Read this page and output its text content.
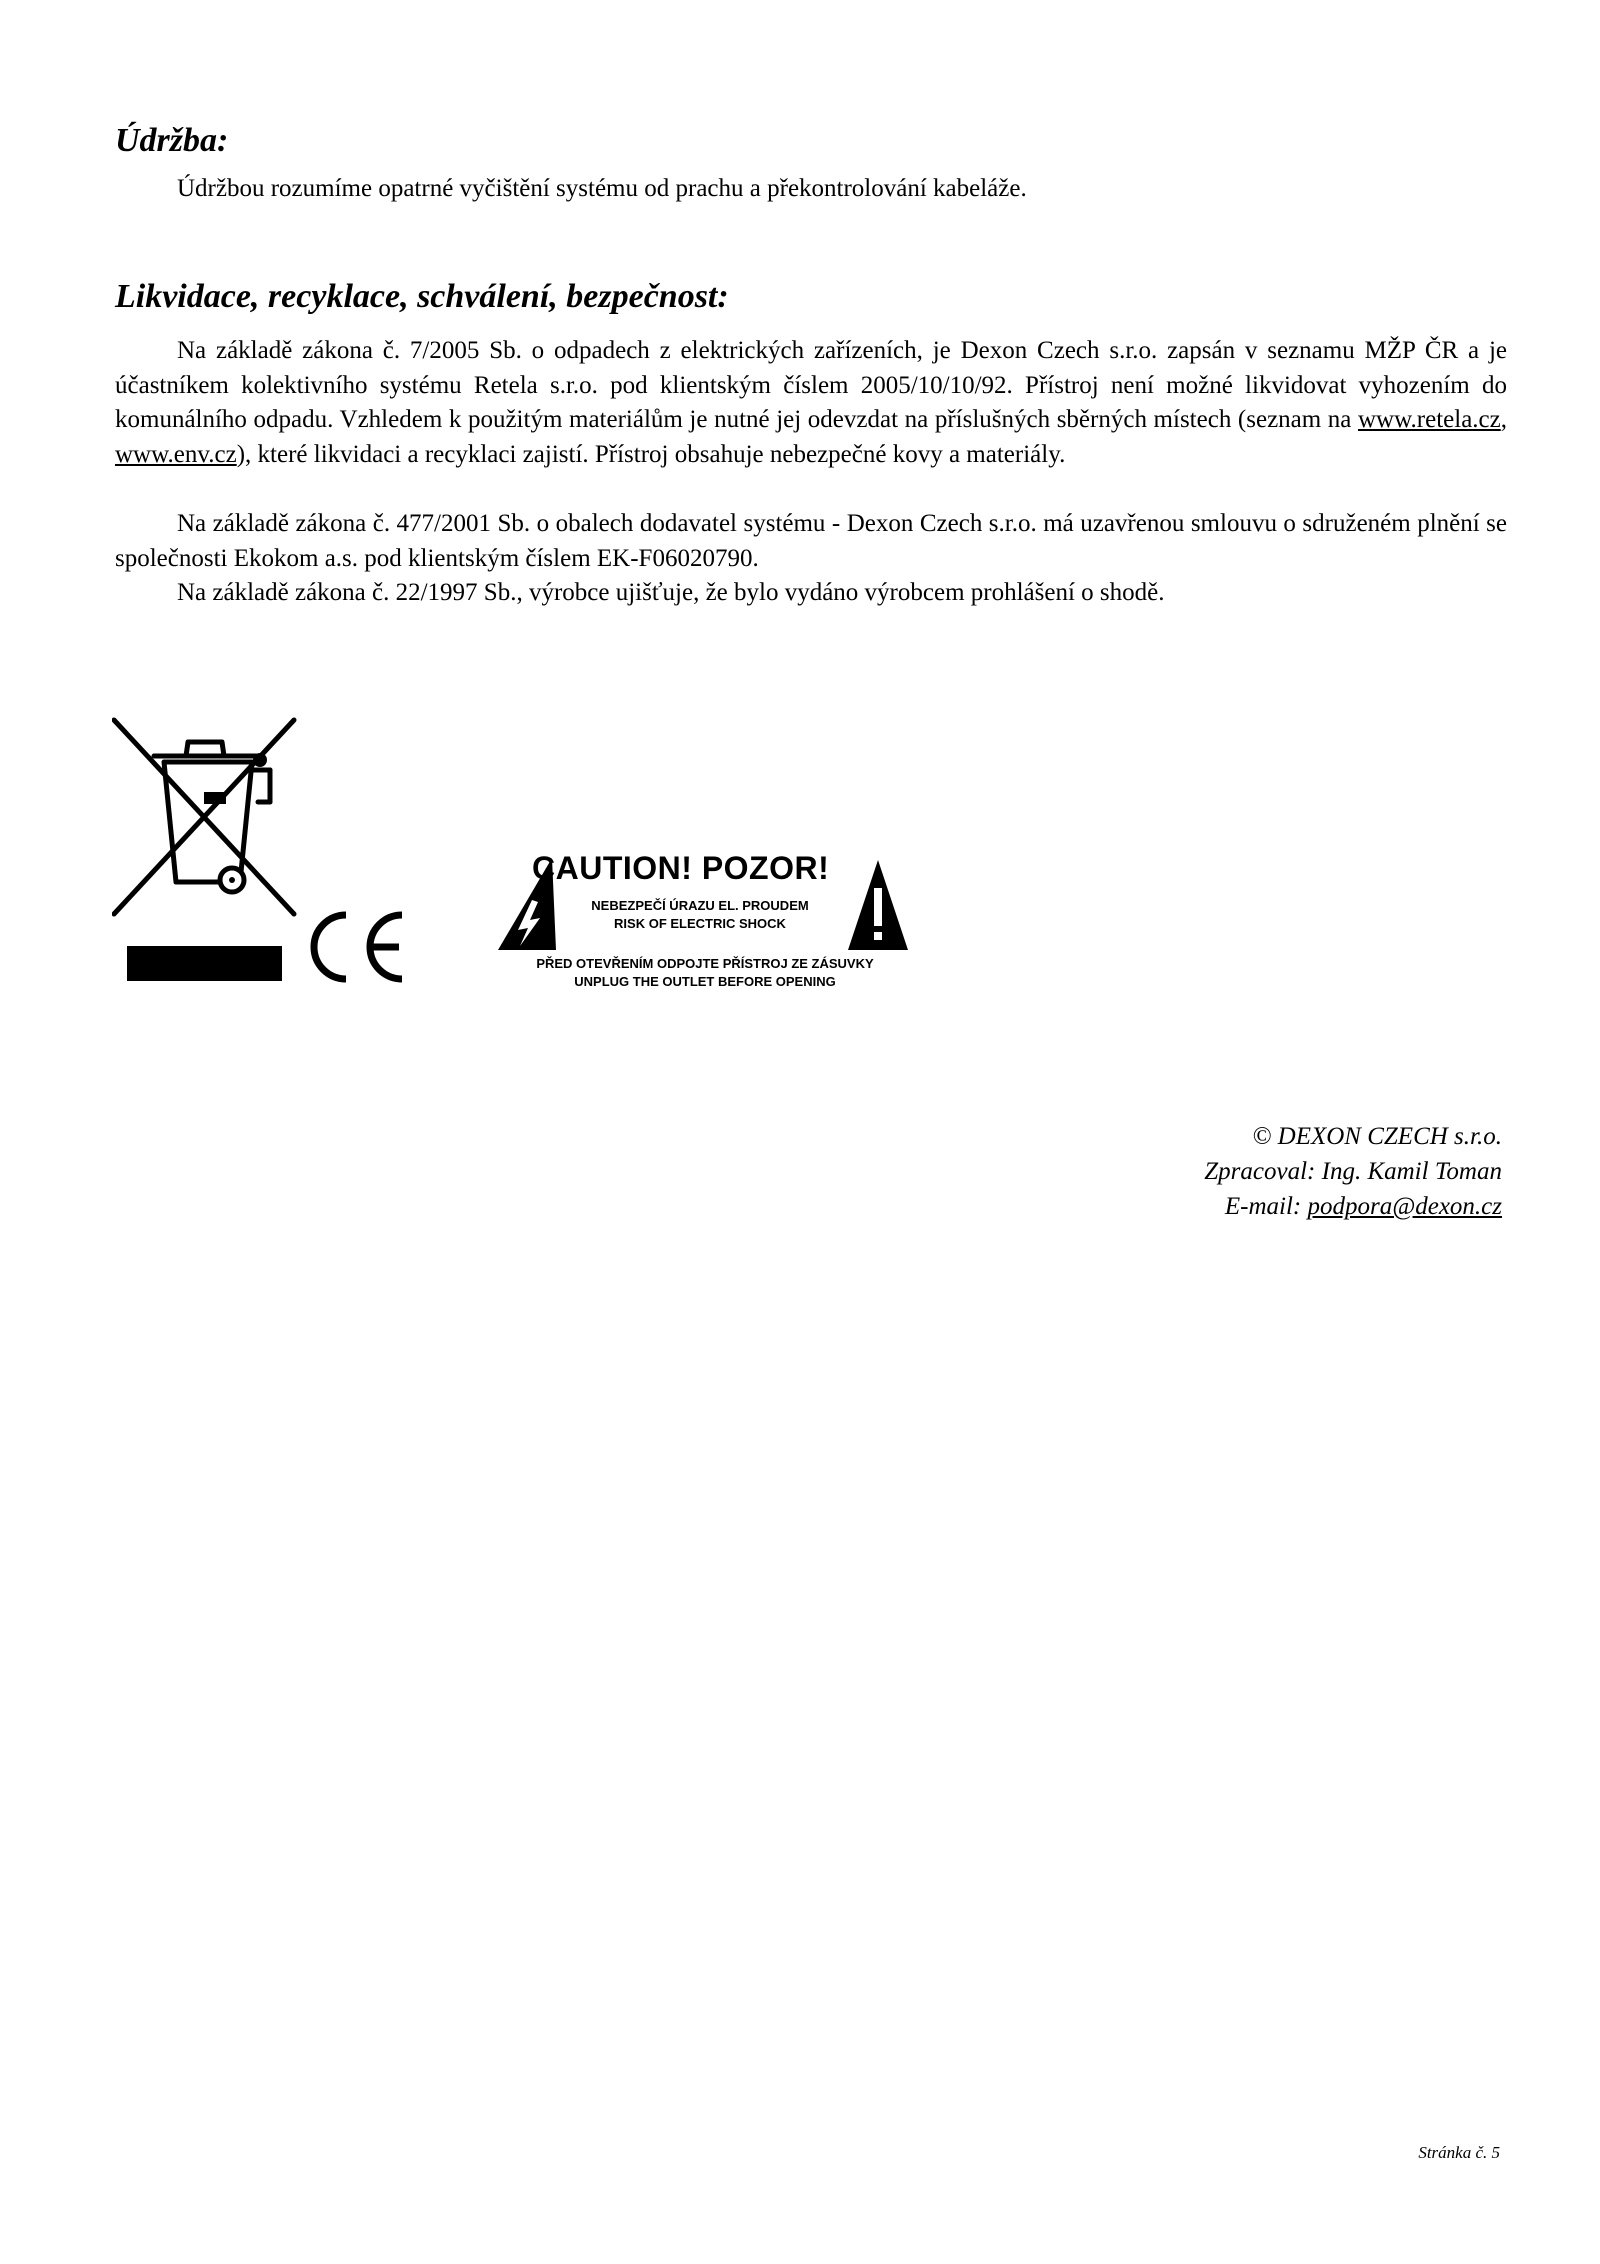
Údržba:

Údržbou rozumíme opatrné vyčištění systému od prachu a překontrolování kabeláže.

Likvidace, recyklace, schválení, bezpečnost:

Na základě zákona č. 7/2005 Sb. o odpadech z elektrických zařízeních, je Dexon Czech s.r.o. zapsán v seznamu MŽP ČR a je účastníkem kolektivního systému Retela s.r.o. pod klientským číslem 2005/10/10/92. Přístroj není možné likvidovat vyhozením do komunálního odpadu. Vzhledem k použitým materiálům je nutné jej odevzdat na příslušných sběrných místech (seznam na www.retela.cz, www.env.cz), které likvidaci a recyklaci zajistí. Přístroj obsahuje nebezpečné kovy a materiály.

Na základě zákona č. 477/2001 Sb. o obalech dodavatel systému - Dexon Czech s.r.o. má uzavřenou smlouvu o sdruženém plnění se společnosti Ekokom a.s. pod klientským číslem EK-F06020790.

Na základě zákona č. 22/1997 Sb., výrobce ujišťuje, že bylo vydáno výrobcem prohlášení o shodě.

CAUTION! POZOR!
NEBEZPEČÍ ÚRAZU EL. PROUDEM
RISK OF ELECTRIC SHOCK
PŘED OTEVŘENÍM ODPOJTE PŘÍSTROJ ZE ZÁSUVKY
UNPLUG THE OUTLET BEFORE OPENING
© DEXON CZECH s.r.o.
Zpracoval: Ing. Kamil Toman
E-mail: podpora@dexon.cz
Stránka č. 5
